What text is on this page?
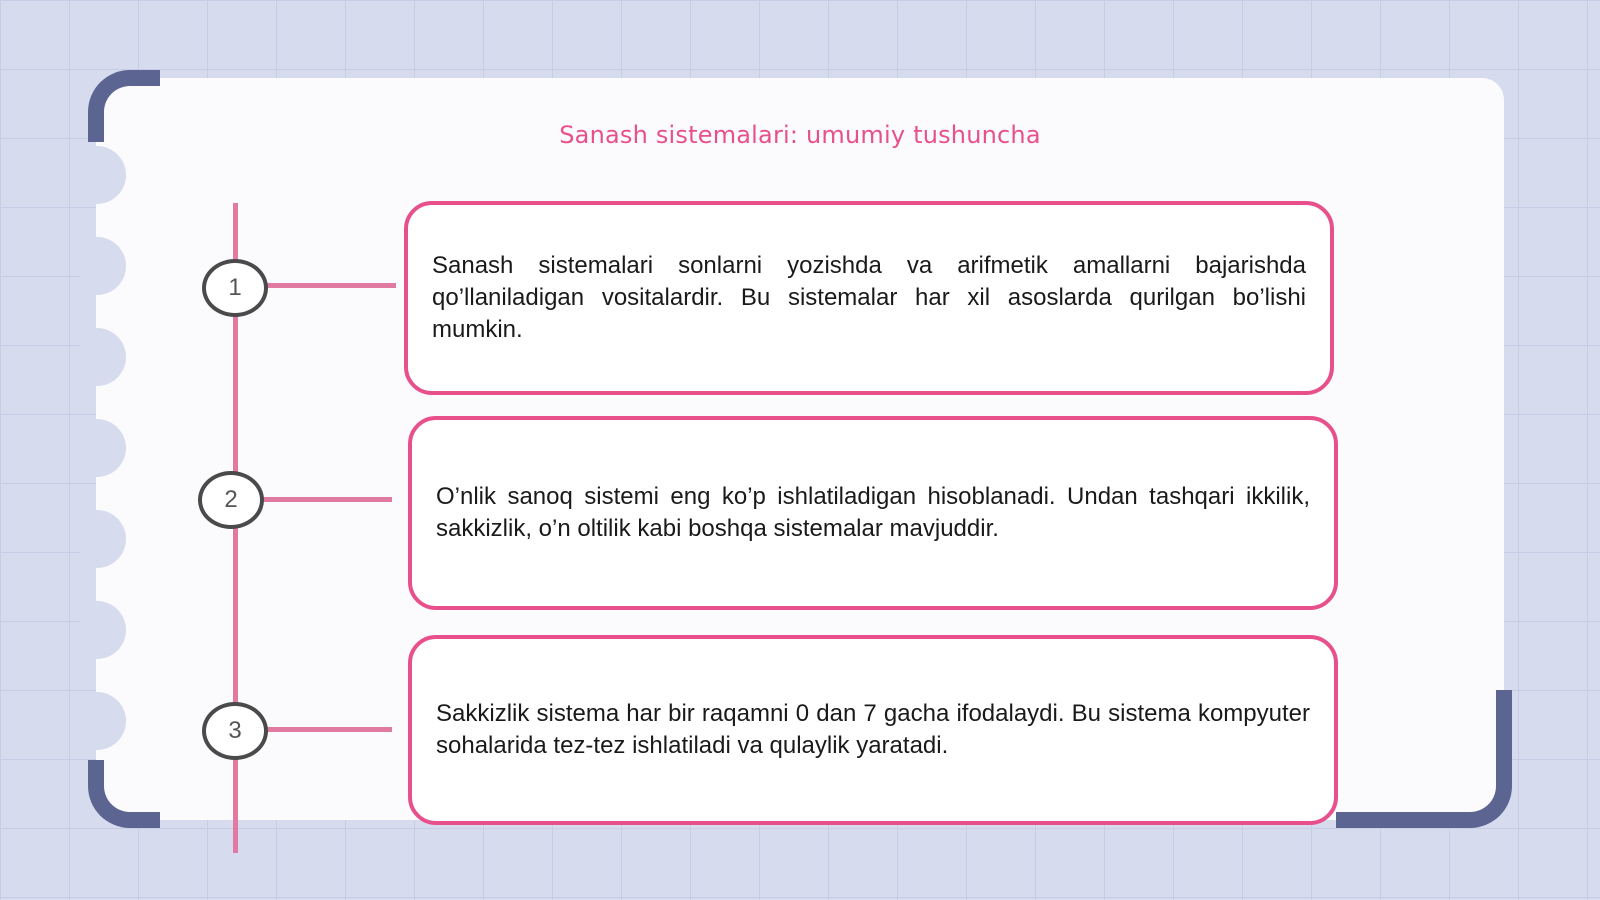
Sanash sistemalari: umumiy tushuncha
1

Sanash sistemalari sonlarni yozishda va arifmetik amallarni bajarishda qo’llaniladigan vositalardir. Bu sistemalar har xil asoslarda qurilgan bo’lishi mumkin.

2	O’nlik sanoq sistemi eng ko’p ishlatiladigan hisoblanadi. Undan tashqari ikkilik, sakkizlik, o’n oltilik kabi boshqa sistemalar mavjuddir.

3

Sakkizlik sistema har bir raqamni 0 dan 7 gacha ifodalaydi. Bu sistema kompyuter sohalarida tez-tez ishlatiladi va qulaylik yaratadi.
